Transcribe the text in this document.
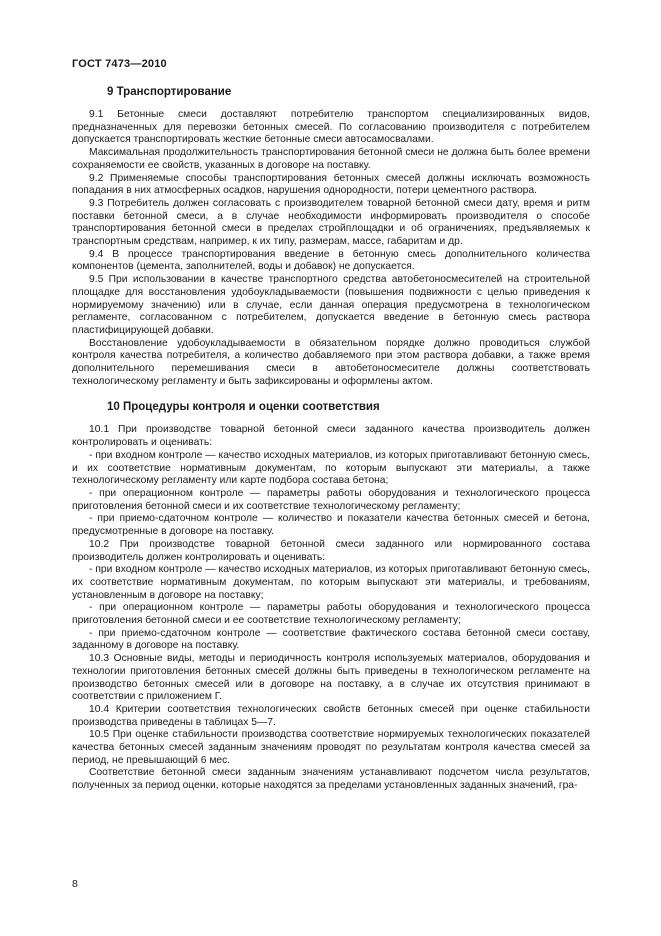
ГОСТ 7473—2010
9 Транспортирование

9.1 Бетонные смеси доставляют потребителю транспортом специализированных видов, предназначенных для перевозки бетонных смесей. По согласованию производителя с потребителем допускается транспортировать жесткие бетонные смеси автосамосвалами.

Максимальная продолжительность транспортирования бетонной смеси не должна быть более времени сохраняемости ее свойств, указанных в договоре на поставку.

9.2 Применяемые способы транспортирования бетонных смесей должны исключать возможность попадания в них атмосферных осадков, нарушения однородности, потери цементного раствора.

9.3 Потребитель должен согласовать с производителем товарной бетонной смеси дату, время и ритм поставки бетонной смеси, а в случае необходимости информировать производителя о способе транспортирования бетонной смеси в пределах стройплощадки и об ограничениях, предъявляемых к транспортным средствам, например, к их типу, размерам, массе, габаритам и др.

9.4 В процессе транспортирования введение в бетонную смесь дополнительного количества компонентов (цемента, заполнителей, воды и добавок) не допускается.

9.5 При использовании в качестве транспортного средства автобетоносмесителей на строительной площадке для восстановления удобоукладываемости (повышения подвижности с целью приведения к нормируемому значению) или в случае, если данная операция предусмотрена в технологическом регламенте, согласованном с потребителем, допускается введение в бетонную смесь раствора пластифицирующей добавки.

Восстановление удобоукладываемости в обязательном порядке должно проводиться службой контроля качества потребителя, а количество добавляемого при этом раствора добавки, а также время дополнительного перемешивания смеси в автобетоносмесителе должны соответствовать технологическому регламенту и быть зафиксированы и оформлены актом.

10 Процедуры контроля и оценки соответствия

10.1 При производстве товарной бетонной смеси заданного качества производитель должен контролировать и оценивать:

- при входном контроле — качество исходных материалов, из которых приготавливают бетонную смесь, и их соответствие нормативным документам, по которым выпускают эти материалы, а также технологическому регламенту или карте подбора состава бетона;

- при операционном контроле — параметры работы оборудования и технологического процесса приготовления бетонной смеси и их соответствие технологическому регламенту;

- при приемо-сдаточном контроле — количество и показатели качества бетонных смесей и бетона, предусмотренные в договоре на поставку.

10.2 При производстве товарной бетонной смеси заданного или нормированного состава производитель должен контролировать и оценивать:

- при входном контроле — качество исходных материалов, из которых приготавливают бетонную смесь, их соответствие нормативным документам, по которым выпускают эти материалы, и требованиям, установленным в договоре на поставку;

- при операционном контроле — параметры работы оборудования и технологического процесса приготовления бетонной смеси и ее соответствие технологическому регламенту;

- при приемо-сдаточном контроле — соответствие фактического состава бетонной смеси составу, заданному в договоре на поставку.

10.3 Основные виды, методы и периодичность контроля используемых материалов, оборудования и технологии приготовления бетонных смесей должны быть приведены в технологическом регламенте на производство бетонных смесей или в договоре на поставку, а в случае их отсутствия принимают в соответствии с приложением Г.

10.4 Критерии соответствия технологических свойств бетонных смесей при оценке стабильности производства приведены в таблицах 5—7.

10.5 При оценке стабильности производства соответствие нормируемых технологических показателей качества бетонных смесей заданным значениям проводят по результатам контроля качества смесей за период, не превышающий 6 мес.

Соответствие бетонной смеси заданным значениям устанавливают подсчетом числа результатов, полученных за период оценки, которые находятся за пределами установленных заданных значений, гра-

8
